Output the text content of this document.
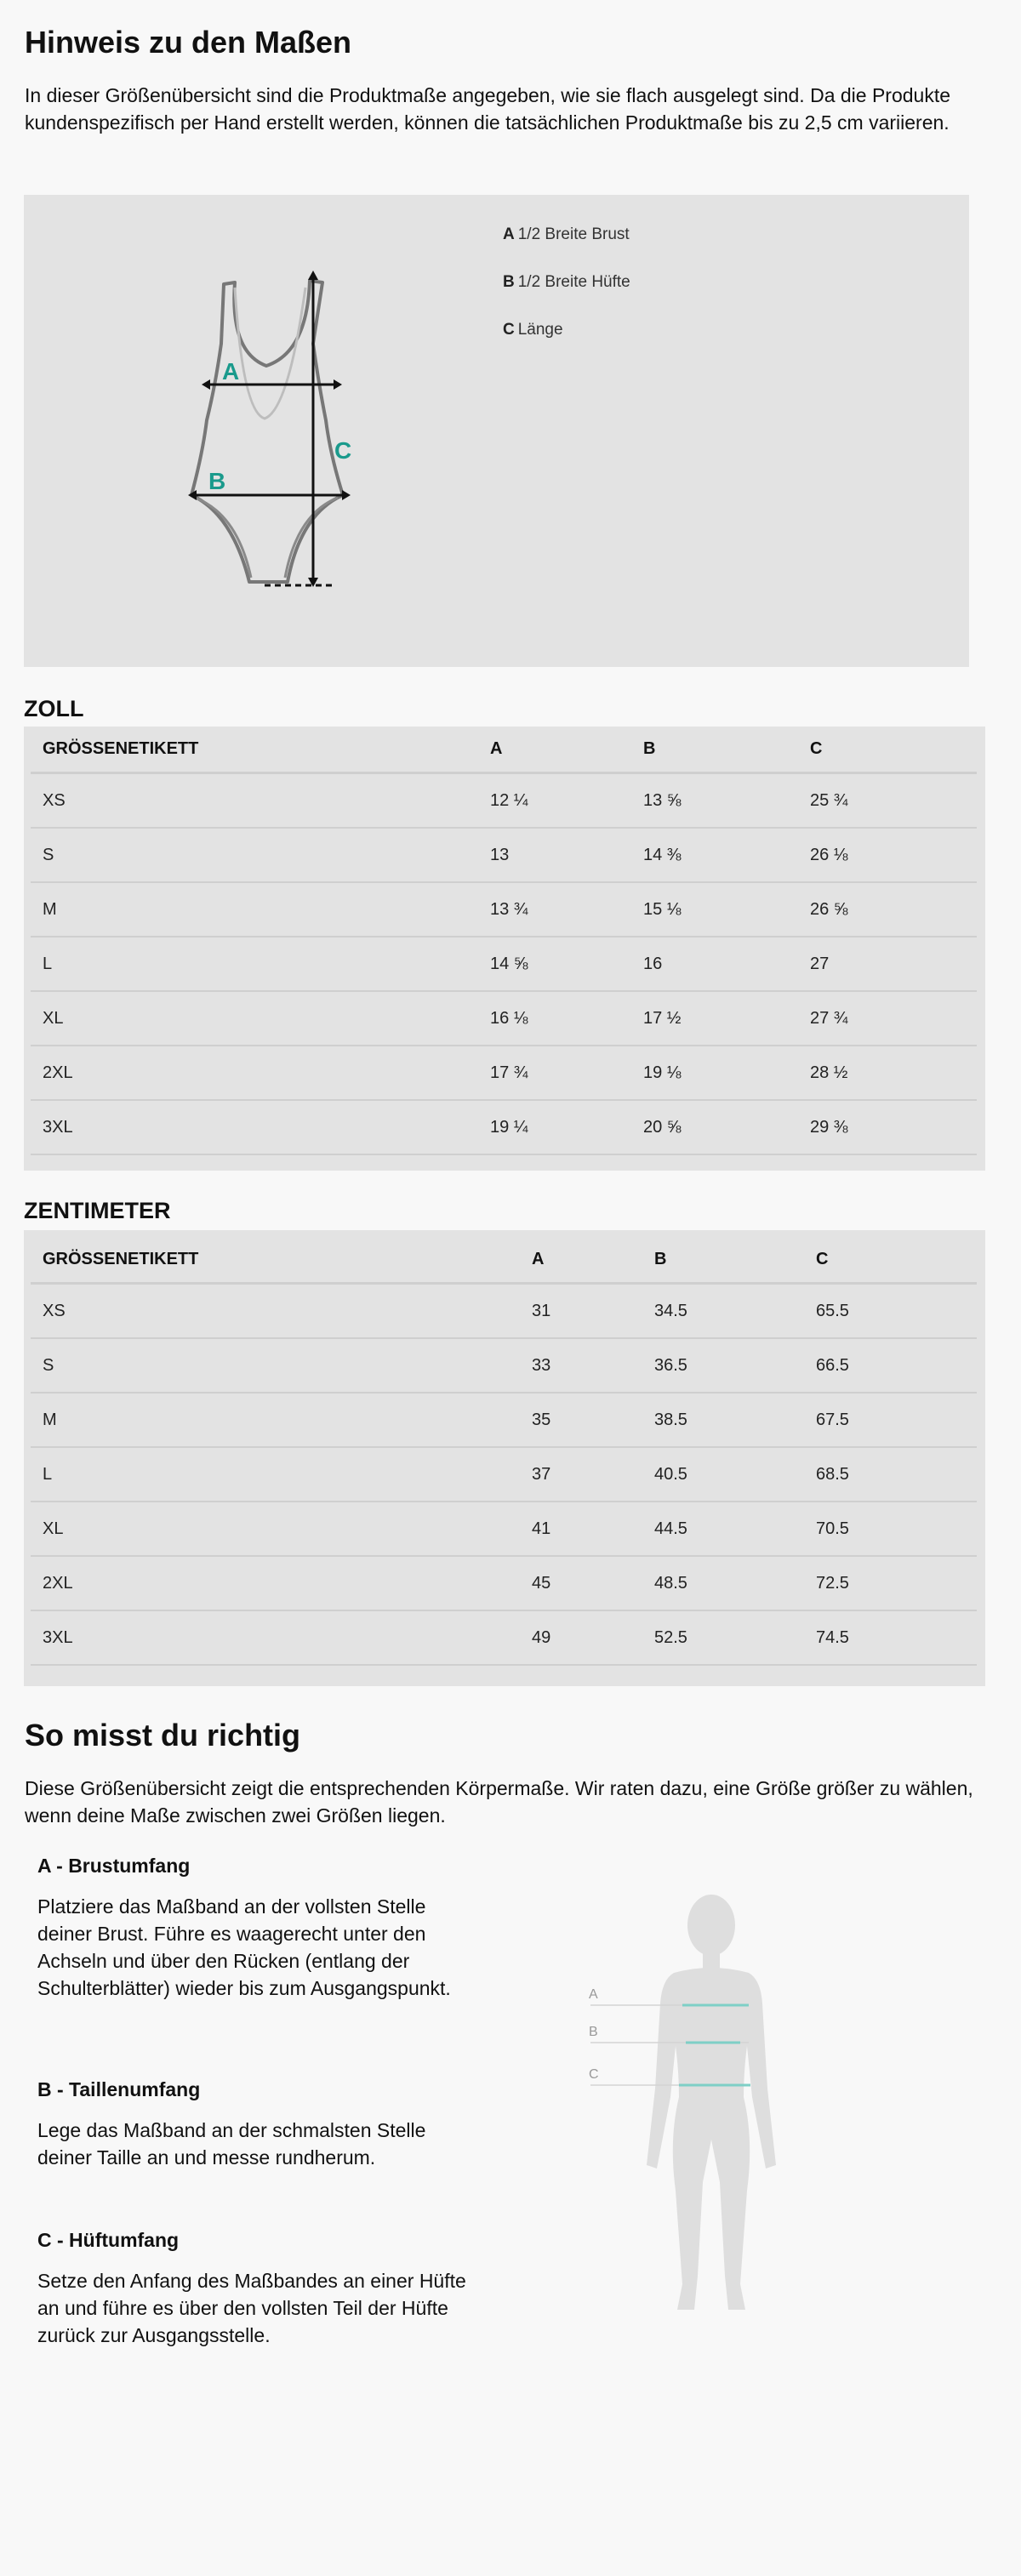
Hinweis zu den Maßen

In dieser Größenübersicht sind die Produktmaße angegeben, wie sie flach ausgelegt sind. Da die Produkte kundenspezifisch per Hand erstellt werden, können die tatsächlichen Produktmaße bis zu 2,5 cm variieren.

A
B
C
A 1/2 Breite Brust
B 1/2 Breite Hüfte
C Länge
ZOLL
GRÖSSENETIKETT	A	B	C
XS	12 ¼	13 ⅝	25 ¾
S	13	14 ⅜	26 ⅛
M	13 ¾	15 ⅛	26 ⅝
L	14 ⅝	16	27
XL	16 ⅛	17 ½	27 ¾
2XL	17 ¾	19 ⅛	28 ½
3XL	19 ¼	20 ⅝	29 ⅜
ZENTIMETER
GRÖSSENETIKETT	A	B	C
XS	31	34.5	65.5
S	33	36.5	66.5
M	35	38.5	67.5
L	37	40.5	68.5
XL	41	44.5	70.5
2XL	45	48.5	72.5
3XL	49	52.5	74.5
So misst du richtig

Diese Größenübersicht zeigt die entsprechenden Körpermaße. Wir raten dazu, eine Größe größer zu wählen, wenn deine Maße zwischen zwei Größen liegen.

A - Brustumfang

Platziere das Maßband an der vollsten Stelle deiner Brust. Führe es waagerecht unter den Achseln und über den Rücken (entlang der Schulterblätter) wieder bis zum Ausgangspunkt.

B - Taillenumfang

Lege das Maßband an der schmalsten Stelle deiner Taille an und messe rundherum.

C - Hüftumfang

Setze den Anfang des Maßbandes an einer Hüfte an und führe es über den vollsten Teil der Hüfte zurück zur Ausgangsstelle.

A
B
C
